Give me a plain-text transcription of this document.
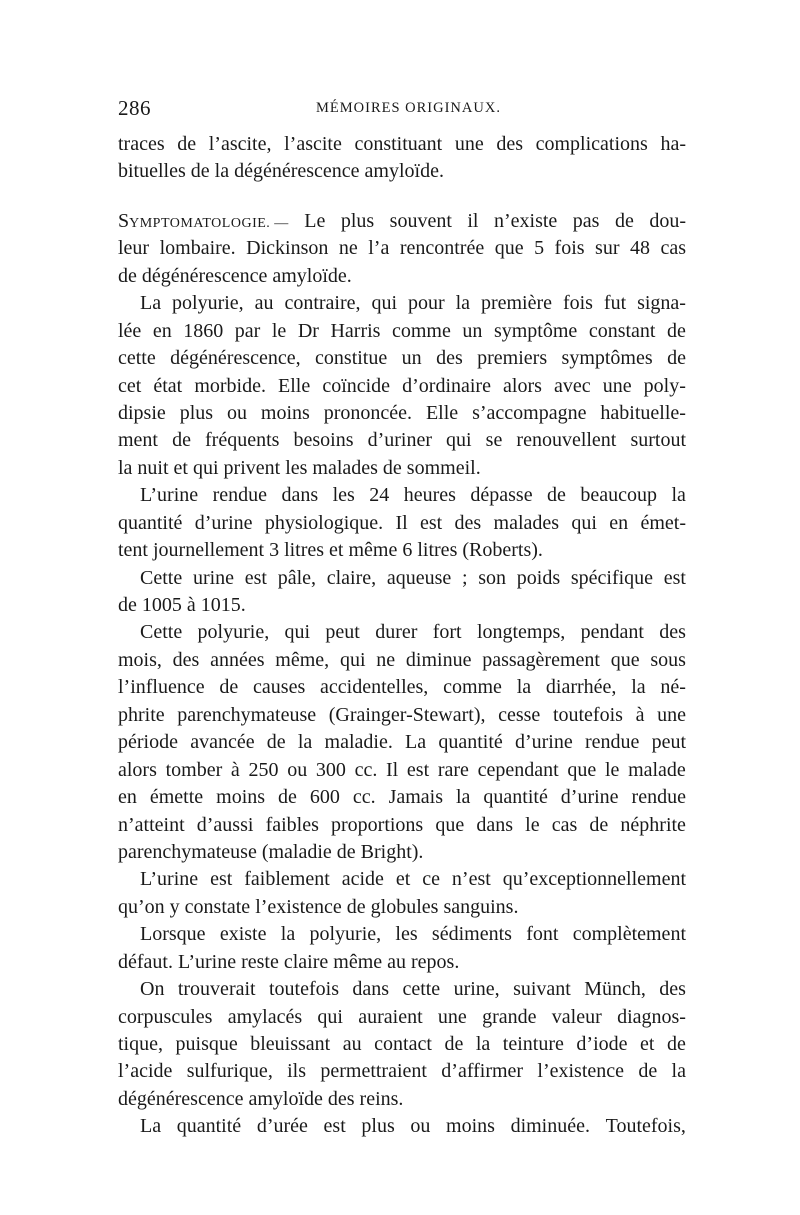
286	MÉMOIRES ORIGINAUX.
traces de l’ascite, l’ascite constituant une des complications ha-
bituelles de la dégénérescence amyloïde.
SYMPTOMATOLOGIE. — Le plus souvent il n’existe pas de dou-
leur lombaire. Dickinson ne l’a rencontrée que 5 fois sur 48 cas
de dégénérescence amyloïde.
La polyurie, au contraire, qui pour la première fois fut signa-
lée en 1860 par le Dr Harris comme un symptôme constant de
cette dégénérescence, constitue un des premiers symptômes de
cet état morbide. Elle coïncide d’ordinaire alors avec une poly-
dipsie plus ou moins prononcée. Elle s’accompagne habituelle-
ment de fréquents besoins d’uriner qui se renouvellent surtout
la nuit et qui privent les malades de sommeil.
L’urine rendue dans les 24 heures dépasse de beaucoup la
quantité d’urine physiologique. Il est des malades qui en émet-
tent journellement 3 litres et même 6 litres (Roberts).
Cette urine est pâle, claire, aqueuse ; son poids spécifique est
de 1005 à 1015.
Cette polyurie, qui peut durer fort longtemps, pendant des
mois, des années même, qui ne diminue passagèrement que sous
l’influence de causes accidentelles, comme la diarrhée, la né-
phrite parenchymateuse (Grainger-Stewart), cesse toutefois à une
période avancée de la maladie. La quantité d’urine rendue peut
alors tomber à 250 ou 300 cc. Il est rare cependant que le malade
en émette moins de 600 cc. Jamais la quantité d’urine rendue
n’atteint d’aussi faibles proportions que dans le cas de néphrite
parenchymateuse (maladie de Bright).
L’urine est faiblement acide et ce n’est qu’exceptionnellement
qu’on y constate l’existence de globules sanguins.
Lorsque existe la polyurie, les sédiments font complètement
défaut. L’urine reste claire même au repos.
On trouverait toutefois dans cette urine, suivant Münch, des
corpuscules amylacés qui auraient une grande valeur diagnos-
tique, puisque bleuissant au contact de la teinture d’iode et de
l’acide sulfurique, ils permettraient d’affirmer l’existence de la
dégénérescence amyloïde des reins.
La quantité d’urée est plus ou moins diminuée. Toutefois,
